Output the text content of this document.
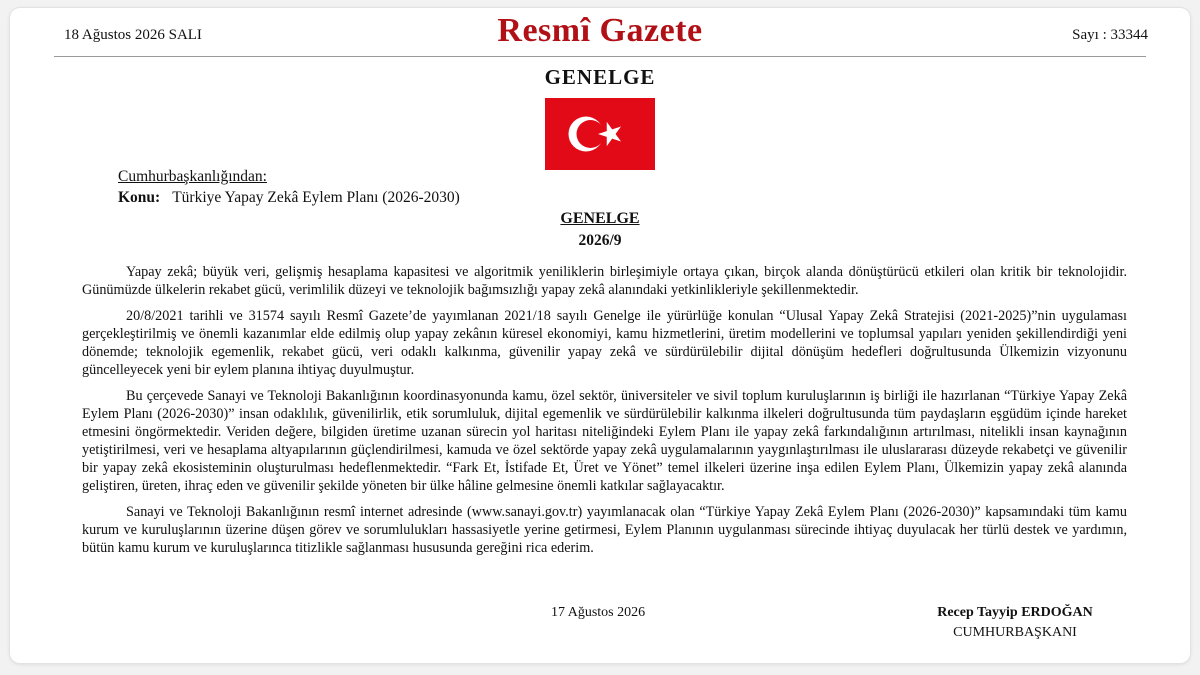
18 Ağustos 2026 SALI	Resmî Gazete	Sayı : 33344
GENELGE
Cumhurbaşkanlığından:
Konu: Türkiye Yapay Zekâ Eylem Planı (2026-2030)
GENELGE
2026/9

Yapay zekâ; büyük veri, gelişmiş hesaplama kapasitesi ve algoritmik yeniliklerin birleşimiyle ortaya çıkan, birçok alanda dönüştürücü etkileri olan kritik bir teknolojidir. Günümüzde ülkelerin rekabet gücü, verimlilik düzeyi ve teknolojik bağımsızlığı yapay zekâ alanındaki yetkinlikleriyle şekillenmektedir.

20/8/2021 tarihli ve 31574 sayılı Resmî Gazete’de yayımlanan 2021/18 sayılı Genelge ile yürürlüğe konulan “Ulusal Yapay Zekâ Stratejisi (2021-2025)”nin uygulaması gerçekleştirilmiş ve önemli kazanımlar elde edilmiş olup yapay zekânın küresel ekonomiyi, kamu hizmetlerini, üretim modellerini ve toplumsal yapıları yeniden şekillendirdiği yeni dönemde; teknolojik egemenlik, rekabet gücü, veri odaklı kalkınma, güvenilir yapay zekâ ve sürdürülebilir dijital dönüşüm hedefleri doğrultusunda Ülkemizin vizyonunu güncelleyecek yeni bir eylem planına ihtiyaç duyulmuştur.

Bu çerçevede Sanayi ve Teknoloji Bakanlığının koordinasyonunda kamu, özel sektör, üniversiteler ve sivil toplum kuruluşlarının iş birliği ile hazırlanan “Türkiye Yapay Zekâ Eylem Planı (2026-2030)” insan odaklılık, güvenilirlik, etik sorumluluk, dijital egemenlik ve sürdürülebilir kalkınma ilkeleri doğrultusunda tüm paydaşların eşgüdüm içinde hareket etmesini öngörmektedir. Veriden değere, bilgiden üretime uzanan sürecin yol haritası niteliğindeki Eylem Planı ile yapay zekâ farkındalığının artırılması, nitelikli insan kaynağının yetiştirilmesi, veri ve hesaplama altyapılarının güçlendirilmesi, kamuda ve özel sektörde yapay zekâ uygulamalarının yaygınlaştırılması ile uluslararası düzeyde rekabetçi ve güvenilir bir yapay zekâ ekosisteminin oluşturulması hedeflenmektedir. “Fark Et, İstifade Et, Üret ve Yönet” temel ilkeleri üzerine inşa edilen Eylem Planı, Ülkemizin yapay zekâ alanında geliştiren, üreten, ihraç eden ve güvenilir şekilde yöneten bir ülke hâline gelmesine önemli katkılar sağlayacaktır.

Sanayi ve Teknoloji Bakanlığının resmî internet adresinde (www.sanayi.gov.tr) yayımlanacak olan “Türkiye Yapay Zekâ Eylem Planı (2026-2030)” kapsamındaki tüm kamu kurum ve kuruluşlarının üzerine düşen görev ve sorumlulukları hassasiyetle yerine getirmesi, Eylem Planının uygulanması sürecinde ihtiyaç duyulacak her türlü destek ve yardımın, bütün kamu kurum ve kuruluşlarınca titizlikle sağlanması hususunda gereğini rica ederim.

17 Ağustos 2026	Recep Tayyip ERDOĞAN
CUMHURBAŞKANI
